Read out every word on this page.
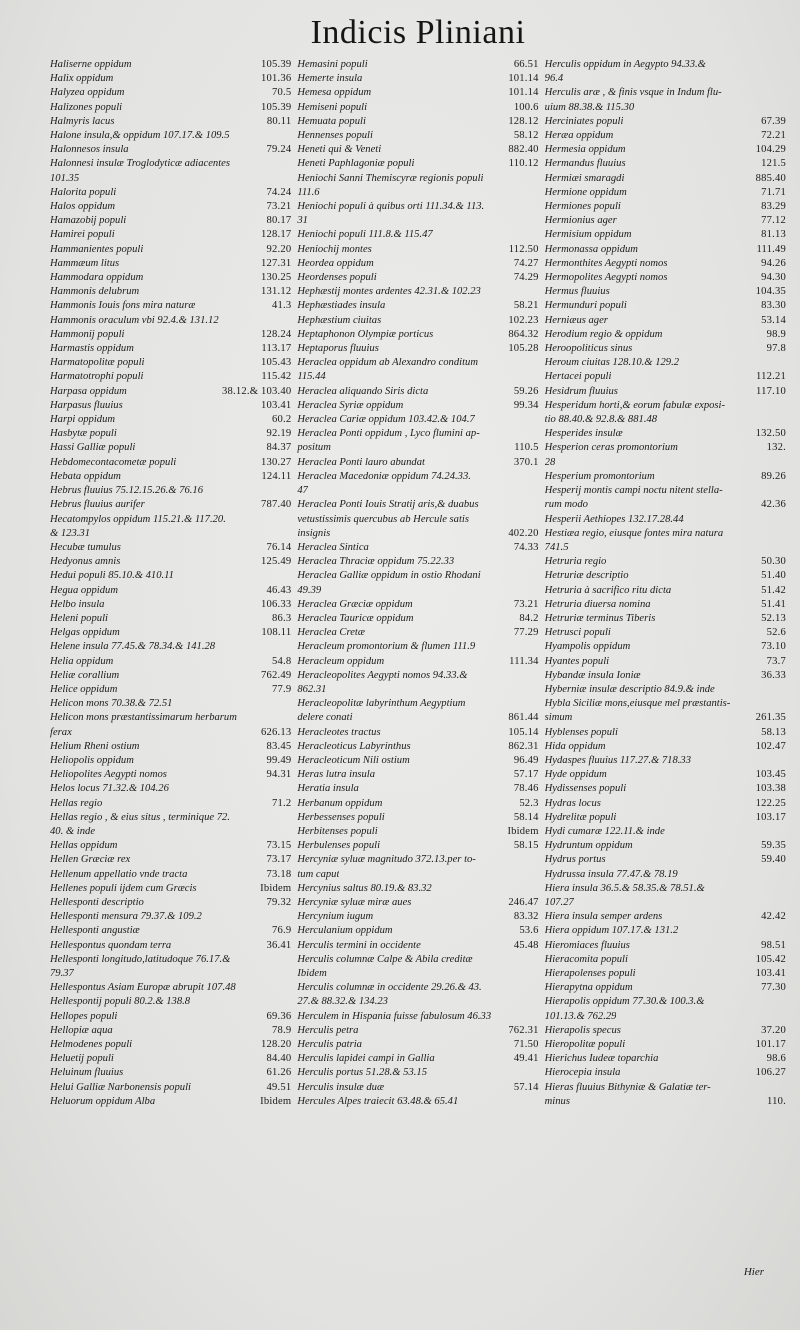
Indicis Pliniani
Haliserne oppidum	105.39
Halix oppidum	101.36
Halyzea oppidum	70.5
Halizones populi	105.39
Halmyris lacus	80.11
Halone insula,& oppidum 107.17.& 109.5
Halonnesos insula	79.24
Halonnesi insulæ Troglodyticæ adiacentes
101.35
Halorita populi	74.24
Halos oppidum	73.21
Hamazobij populi	80.17
Hamirei populi	128.17
Hammanientes populi	92.20
Hammæum litus	127.31
Hammodara oppidum	130.25
Hammonis delubrum	131.12
Hammonis Iouis fons mira naturæ	41.3
Hammonis oraculum vbi 92.4.& 131.12
Hammonij populi	128.24
Harmastis oppidum	113.17
Harmatopolitæ populi	105.43
Harmatotrophi populi	115.42
Harpasa oppidum	38.12.& 103.40
Harpasus fluuius	103.41
Harpi oppidum	60.2
Hasbytæ populi	92.19
Hassi Galliæ populi	84.37
Hebdomecontacometæ populi	130.27
Hebata oppidum	124.11
Hebrus fluuius 75.12.15.26.& 76.16
Hebrus fluuius aurifer	787.40
Hecatompylos oppidum 115.21.& 117.20.
& 123.31
Hecubæ tumulus	76.14
Hedyonus amnis	125.49
Hedui populi 85.10.& 410.11
Hegua oppidum	46.43
Helbo insula	106.33
Heleni populi	86.3
Helgas oppidum	108.11
Helene insula 77.45.& 78.34.& 141.28
Helia oppidum	54.8
Heliæ corallium	762.49
Helice oppidum	77.9
Helicon mons 70.38.& 72.51
Helicon mons præstantissimarum herbarum
ferax	626.13
Helium Rheni ostium	83.45
Heliopolis oppidum	99.49
Heliopolites Aegypti nomos	94.31
Helos locus 71.32.& 104.26
Hellas regio	71.2
Hellas regio , & eius situs , terminique 72.
40. & inde
Hellas oppidum	73.15
Hellen Græciæ rex	73.17
Hellenum appellatio vnde tracta	73.18
Hellenes populi ijdem cum Græcis	Ibidem
Hellesponti descriptio	79.32
Hellesponti mensura 79.37.& 109.2
Hellesponti angustiæ	76.9
Hellespontus quondam terra	36.41
Hellesponti longitudo,latitudoque 76.17.&
79.37
Hellespontus Asiam Europæ abrupit 107.48
Hellespontij populi 80.2.& 138.8
Hellopes populi	69.36
Hellopiæ aqua	78.9
Helmodenes populi	128.20
Heluetij populi	84.40
Heluinum fluuius	61.26
Helui Galliæ Narbonensis populi	49.51
Heluorum oppidum Alba	Ibidem
Hemasini populi	66.51
Hemerte insula	101.14
Hemesa oppidum	101.14
Hemiseni populi	100.6
Hemuata populi	128.12
Hennenses populi	58.12
Heneti qui & Veneti	882.40
Heneti Paphlagoniæ populi	110.12
Heniochi Sanni Themiscyræ regionis populi
111.6
Heniochi populi à quibus orti 111.34.& 113.
31
Heniochi populi 111.8.& 115.47
Heniochij montes	112.50
Heordea oppidum	74.27
Heordenses populi	74.29
Hephæstij montes ardentes 42.31.& 102.23
Hephæstiades insula	58.21
Hephæstium ciuitas	102.23
Heptaphonon Olympiæ porticus	864.32
Heptaporus fluuius	105.28
Heraclea oppidum ab Alexandro conditum
115.44
Heraclea aliquando Siris dicta	59.26
Heraclea Syriæ oppidum	99.34
Heraclea Cariæ oppidum 103.42.& 104.7
Heraclea Ponti oppidum , Lyco flumini ap-
positum	110.5
Heraclea Ponti lauro abundat	370.1
Heraclea Macedoniæ oppidum 74.24.33.
47
Heraclea Ponti Iouis Stratij aris,& duabus
vetustissimis quercubus ab Hercule satis
insignis	402.20
Heraclea Sintica	74.33
Heraclea Thraciæ oppidum 75.22.33
Heraclea Galliæ oppidum in ostio Rhodani
49.39
Heraclea Græciæ oppidum	73.21
Heraclea Tauricæ oppidum	84.2
Heraclea Cretæ	77.29
Heracleum promontorium & flumen 111.9
Heracleum oppidum	111.34
Heracleopolites Aegypti nomos 94.33.&
862.31
Heracleopolitæ labyrinthum Aegyptium
delere conati	861.44
Heracleotes tractus	105.14
Heracleoticus Labyrinthus	862.31
Heracleoticum Nili ostium	96.49
Heras lutra insula	57.17
Heratia insula	78.46
Herbanum oppidum	52.3
Herbessenses populi	58.14
Herbitenses populi	Ibidem
Herbulenses populi	58.15
Hercyniæ syluæ magnitudo 372.13.per to-
tum caput
Hercynius saltus 80.19.& 83.32
Hercyniæ syluæ miræ aues	246.47
Hercynium iugum	83.32
Herculanium oppidum	53.6
Herculis termini in occidente	45.48
Herculis columnæ Calpe & Abila creditæ
Ibidem
Herculis columnæ in occidente 29.26.& 43.
27.& 88.32.& 134.23
Herculem in Hispania fuisse fabulosum 46.33
Herculis petra	762.31
Herculis patria	71.50
Herculis lapidei campi in Gallia	49.41
Herculis portus 51.28.& 53.15
Herculis insulæ duæ	57.14
Hercules Alpes traiecit 63.48.& 65.41
Herculis oppidum in Aegypto 94.33.&
96.4
Herculis aræ , & finis vsque in Indum flu-
uium 88.38.& 115.30
Herciniates populi	67.39
Heræa oppidum	72.21
Hermesia oppidum	104.29
Hermandus fluuius	121.5
Hermiæi smaragdi	885.40
Hermione oppidum	71.71
Hermiones populi	83.29
Hermionius ager	77.12
Hermisium oppidum	81.13
Hermonassa oppidum	111.49
Hermonthites Aegypti nomos	94.26
Hermopolites Aegypti nomos	94.30
Hermus fluuius	104.35
Hermunduri populi	83.30
Herniæus ager	53.14
Herodium regio & oppidum	98.9
Heroopoliticus sinus	97.8
Heroum ciuitas 128.10.& 129.2
Hertacei populi	112.21
Hesidrum fluuius	117.10
Hesperidum horti,& eorum fabulæ exposi-
tio 88.40.& 92.8.& 881.48
Hesperides insulæ	132.50
Hesperion ceras promontorium	132.
28
Hesperium promontorium	89.26
Hesperij montis campi noctu nitent stella-
rum modo	42.36
Hesperii Aethiopes 132.17.28.44
Hestiæa regio, eiusque fontes mira natura
741.5
Hetruria regio	50.30
Hetruriæ descriptio	51.40
Hetruria à sacrifico ritu dicta	51.42
Hetruria diuersa nomina	51.41
Hetruriæ terminus Tiberis	52.13
Hetrusci populi	52.6
Hyampolis oppidum	73.10
Hyantes populi	73.7
Hybandæ insula Ioniæ	36.33
Hyberniæ insulæ descriptio 84.9.& inde
Hybla Siciliæ mons,eiusque mel præstantis-
simum	261.35
Hyblenses populi	58.13
Hida oppidum	102.47
Hydaspes fluuius 117.27.& 718.33
Hyde oppidum	103.45
Hydissenses populi	103.38
Hydras locus	122.25
Hydrelitæ populi	103.17
Hydi cumaræ 122.11.& inde
Hydruntum oppidum	59.35
Hydrus portus	59.40
Hydrussa insula 77.47.& 78.19
Hiera insula 36.5.& 58.35.& 78.51.&
107.27
Hiera insula semper ardens	42.42
Hiera oppidum 107.17.& 131.2
Hieromiaces fluuius	98.51
Hieracomita populi	105.42
Hierapolenses populi	103.41
Hierapytna oppidum	77.30
Hierapolis oppidum 77.30.& 100.3.&
101.13.& 762.29
Hierapolis specus	37.20
Hieropolitæ populi	101.17
Hierichus Iudeæ toparchia	98.6
Hierocepia insula	106.27
Hieras fluuius Bithyniæ & Galatiæ ter-
minus	110.
Hier
